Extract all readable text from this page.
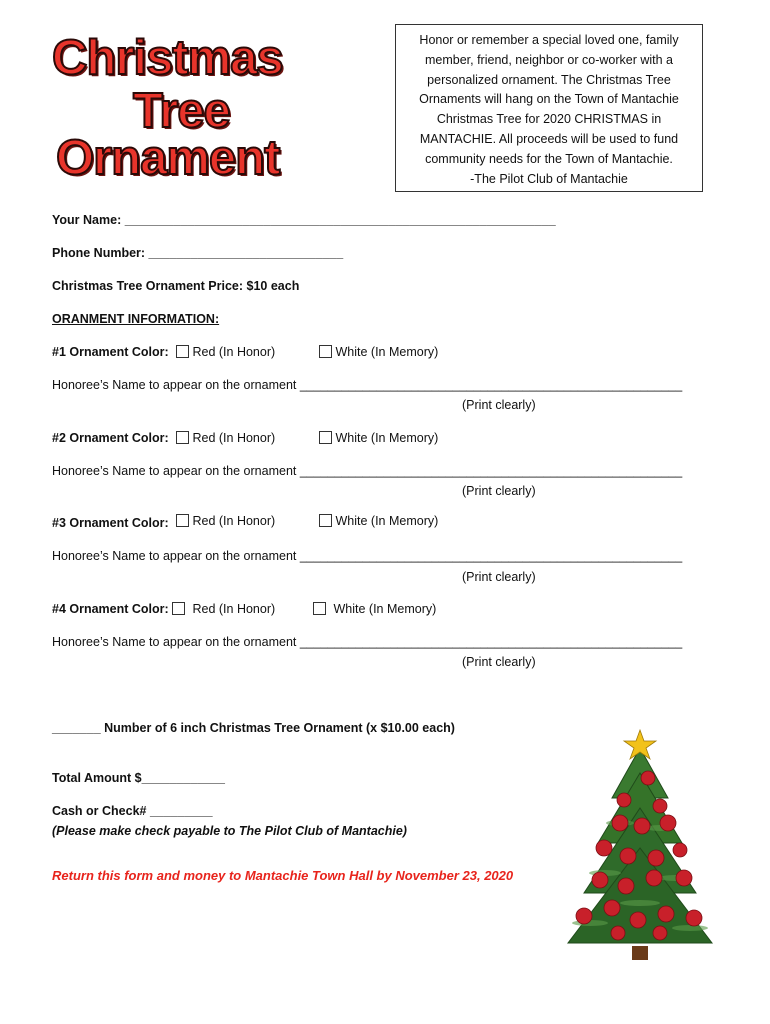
Christmas
Tree
Ornament
Honor or remember a special loved one, family
member, friend, neighbor or co-worker with a
personalized ornament. The Christmas Tree
Ornaments will hang on the Town of Mantachie
Christmas Tree for 2020 CHRISTMAS in
MANTACHIE. All proceeds will be used to fund
community needs for the Town of Mantachie.
-The Pilot Club of Mantachie
Your Name: ______________________________________________________________
Phone Number: ____________________________
Christmas Tree Ornament Price: $10 each
ORANMENT INFORMATION:
#1 Ornament Color:	Red (In Honor)	White (In Memory)
Honoree’s Name to appear on the ornament _______________________________________________________
(Print clearly)
#2 Ornament Color:	Red (In Honor)	White (In Memory)
Honoree’s Name to appear on the ornament _______________________________________________________
(Print clearly)
#3 Ornament Color:	Red (In Honor)	White (In Memory)
Honoree’s Name to appear on the ornament _______________________________________________________
(Print clearly)
#4 Ornament Color:	Red (In Honor)	White (In Memory)
Honoree’s Name to appear on the ornament _______________________________________________________
(Print clearly)
_______ Number of 6 inch Christmas Tree Ornament (x $10.00 each)
Total Amount $____________
Cash or Check# _________
(Please make check payable to The Pilot Club of Mantachie)
Return this form and money to Mantachie Town Hall by November 23, 2020
